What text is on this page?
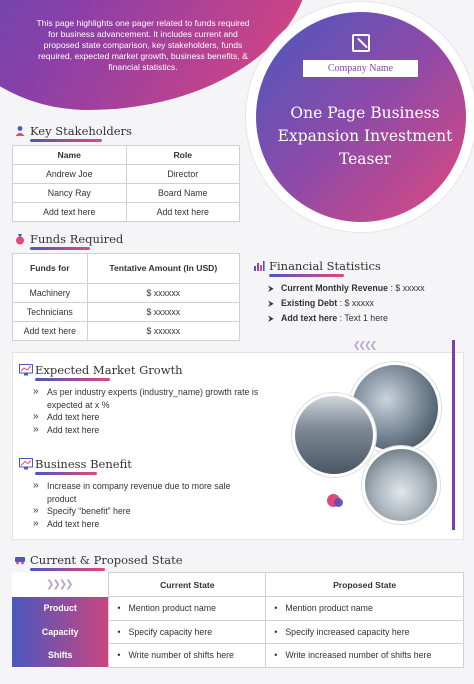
This page highlights one pager related to funds required for business advancement. It includes current and proposed state comparison, key stakeholders, funds required, expected market growth, business benefits, & financial statistics.	Company Name
One Page Business Expansion Investment Teaser
Key Stakeholders
Name	Role
Andrew Joe	Director
Nancy Ray	Board Name
Add text here	Add text here
Funds Required
Funds for	Tentative Amount (In USD)
Machinery	$ xxxxxx
Technicians	$ xxxxxx
Add text here	$ xxxxxx
Financial Statistics
⮞ Current Monthly Revenue : $ xxxxx
⮞ Existing Debt : $ xxxxx
⮞ Add text here : Text 1 here
❮❮❮❮
Expected Market Growth
» As per industry experts (industry_name) growth rate is expected at x %
» Add text here
» Add text here
Business Benefit
» Increase in company revenue due to more sale product
» Specify “benefit” here
» Add text here
Current & Proposed State
	Current State	Proposed State
Product	• Mention product name	• Mention product name
Capacity	• Specify capacity here	• Specify increased capacity here
Shifts	• Write number of shifts here	• Write increased number of shifts here
❯❯❯❯
